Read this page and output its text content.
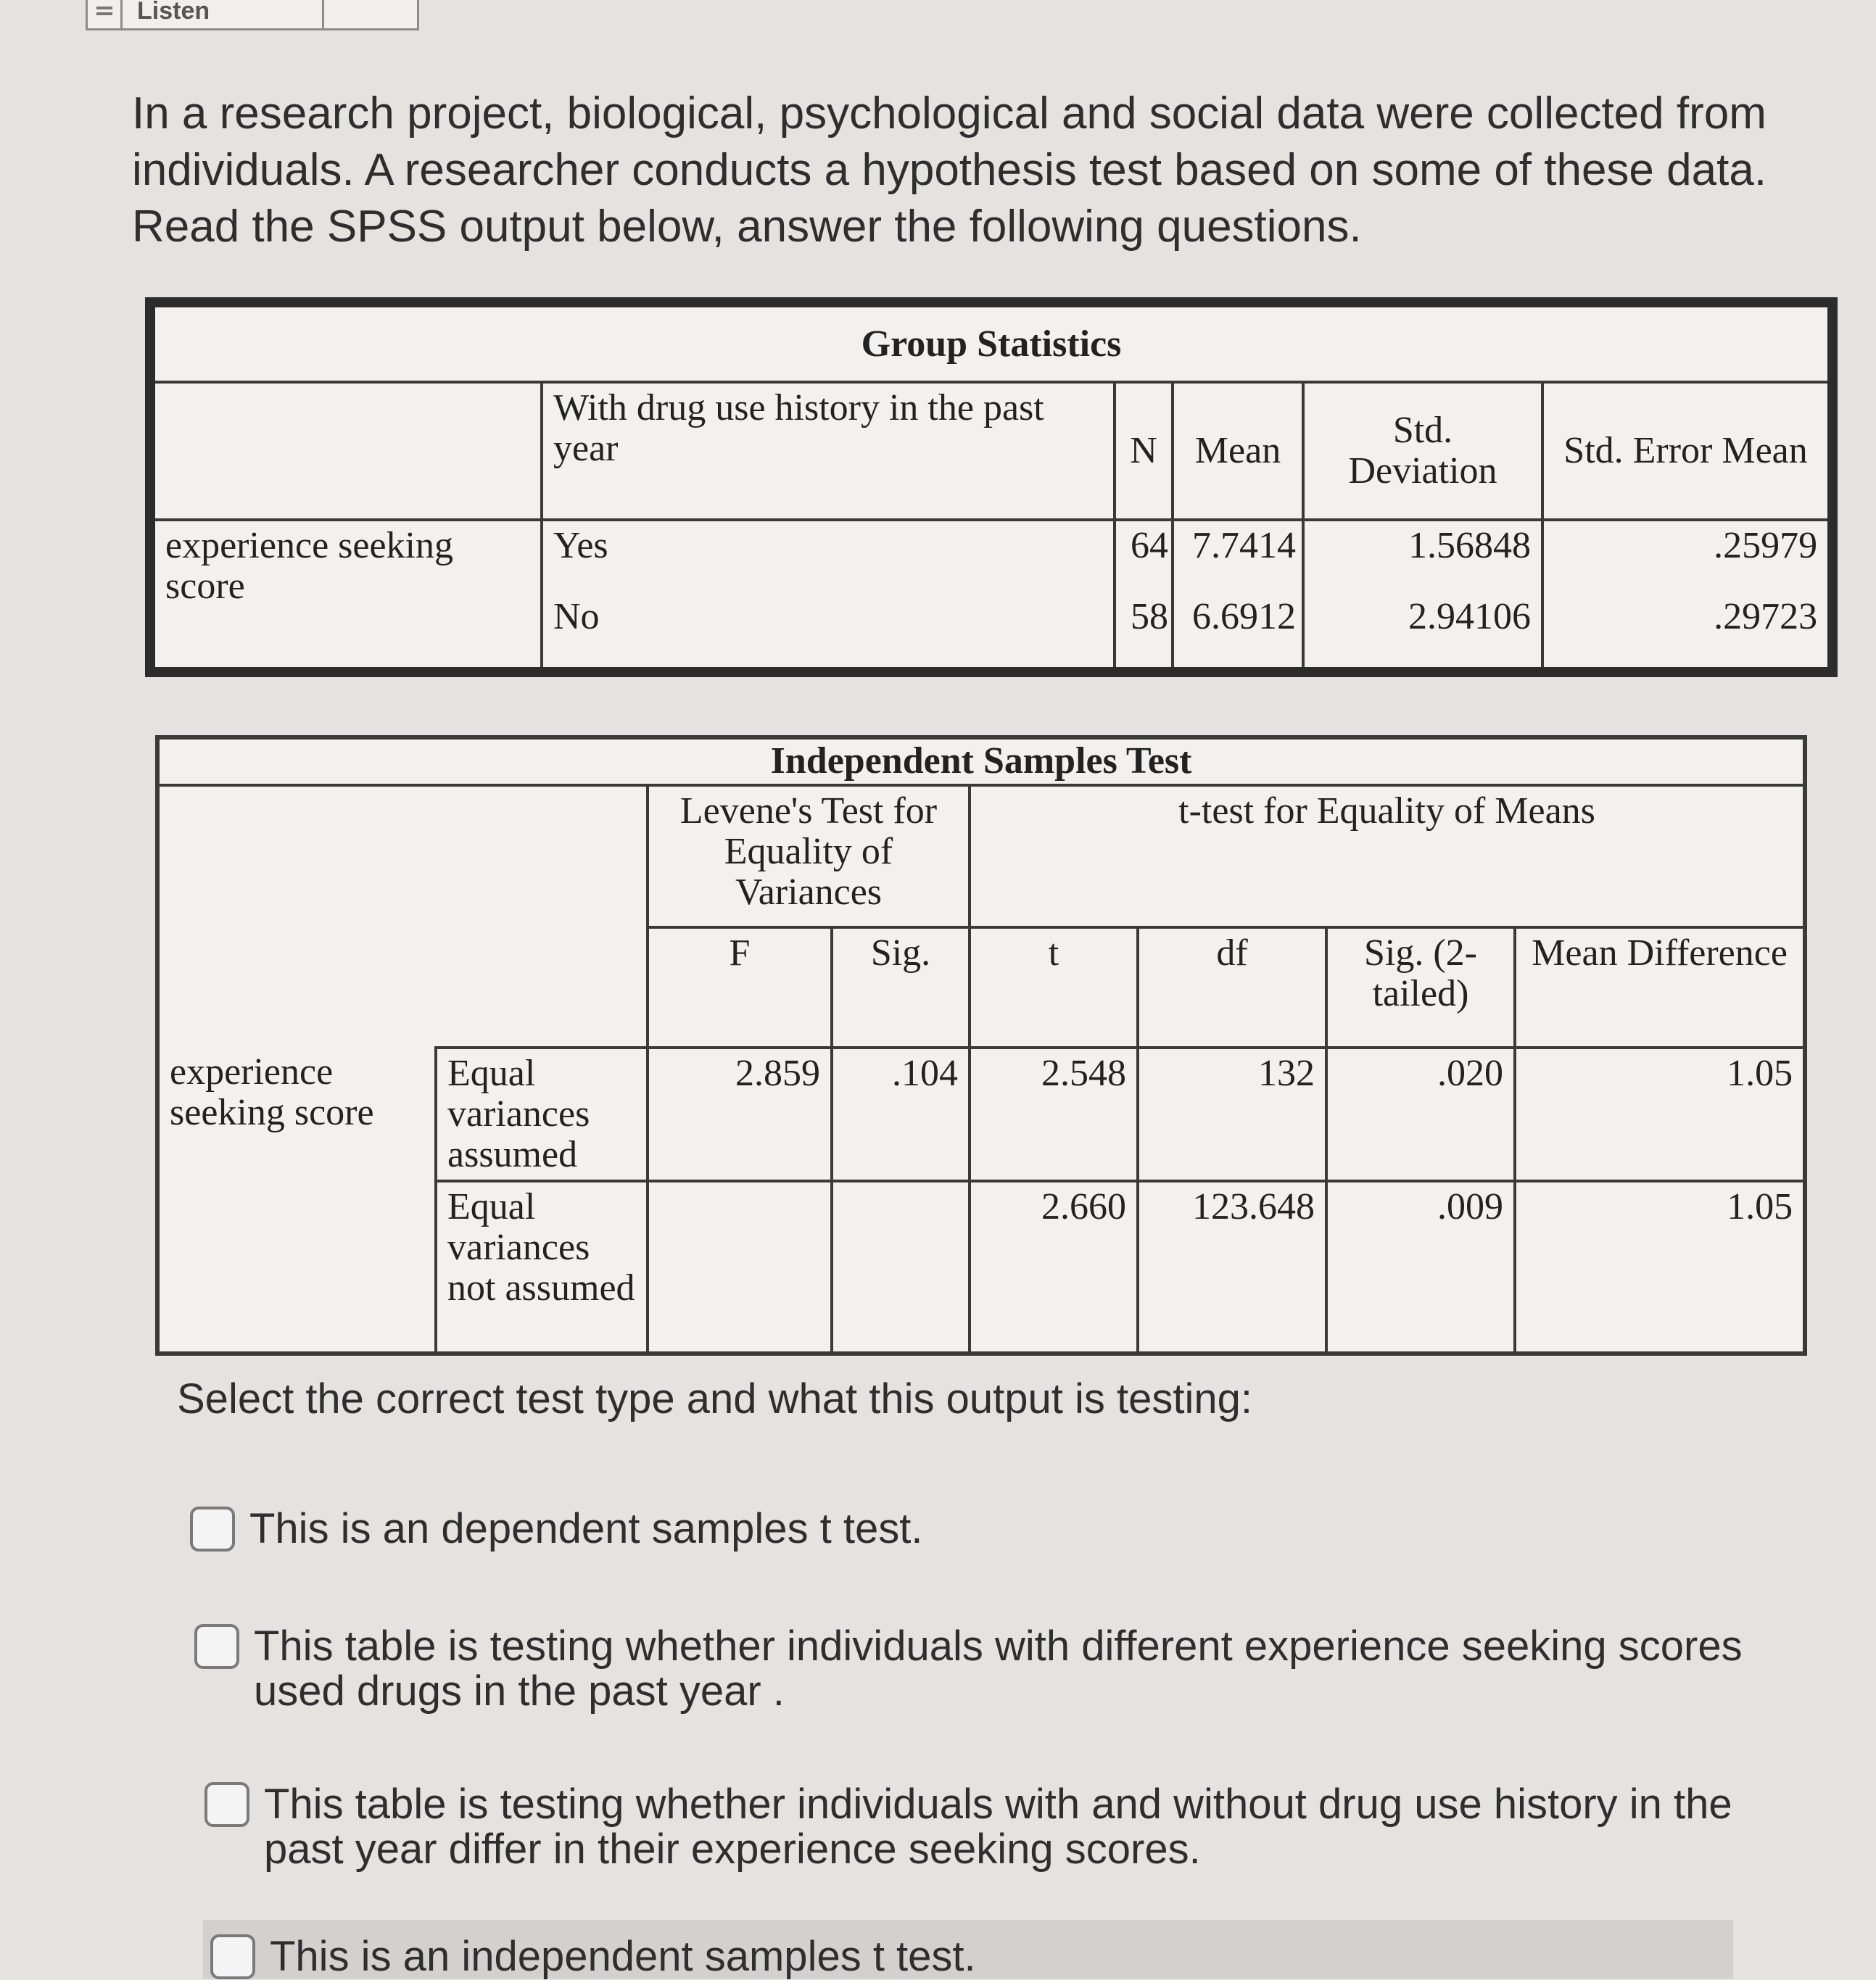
Listen

In a research project, biological, psychological and social data were collected from individuals. A researcher conducts a hypothesis test based on some of these data. Read the SPSS output below, answer the following questions.

Group Statistics					
	With drug use history in the past year	N	Mean	Std. Deviation	Std. Error Mean
experience seeking score	Yes	64	7.7414	1.56848	.25979
	No	58	6.6912	2.94106	.29723
Independent Samples Test							
		Levene's Test for Equality of Variances		t-test for Equality of Means			
		F	Sig.	t	df	Sig. (2-tailed)	Mean Difference
experience seeking score	Equal variances assumed	2.859	.104	2.548	132	.020	1.05
	Equal variances not assumed			2.660	123.648	.009	1.05

Select the correct test type and what this output is testing:

This is an dependent samples t test.
This table is testing whether individuals with different experience seeking scores used drugs in the past year .
This table is testing whether individuals with and without drug use history in the past year differ in their experience seeking scores.
This is an independent samples t test.
